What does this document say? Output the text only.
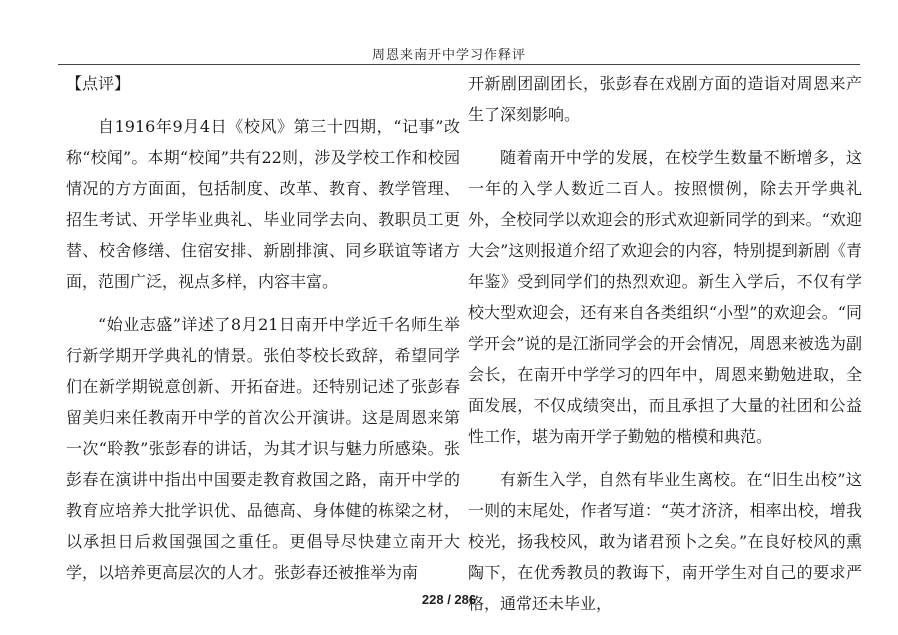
周恩来南开中学习作释评

【点评】

自1916年9月4日《校风》第三十四期，“记事”改称“校闻”。本期“校闻”共有22则，涉及学校工作和校园情况的方方面面，包括制度、改革、教育、教学管理、招生考试、开学毕业典礼、毕业同学去向、教职员工更替、校舍修缮、住宿安排、新剧排演、同乡联谊等诸方面，范围广泛，视点多样，内容丰富。

“始业志盛”详述了8月21日南开中学近千名师生举行新学期开学典礼的情景。张伯苓校长致辞，希望同学们在新学期锐意创新、开拓奋进。还特别记述了张彭春留美归来任教南开中学的首次公开演讲。这是周恩来第一次“聆教”张彭春的讲话，为其才识与魅力所感染。张彭春在演讲中指出中国要走教育救国之路，南开中学的教育应培养大批学识优、品德高、身体健的栋梁之材，以承担日后救国强国之重任。更倡导尽快建立南开大学，以培养更高层次的人才。张彭春还被推举为南

开新剧团副团长，张彭春在戏剧方面的造诣对周恩来产生了深刻影响。

随着南开中学的发展，在校学生数量不断增多，这一年的入学人数近二百人。按照惯例，除去开学典礼外，全校同学以欢迎会的形式欢迎新同学的到来。“欢迎大会”这则报道介绍了欢迎会的内容，特别提到新剧《青年鉴》受到同学们的热烈欢迎。新生入学后，不仅有学校大型欢迎会，还有来自各类组织“小型”的欢迎会。“同学开会”说的是江浙同学会的开会情况，周恩来被选为副会长，在南开中学学习的四年中，周恩来勤勉进取，全面发展，不仅成绩突出，而且承担了大量的社团和公益性工作，堪为南开学子勤勉的楷模和典范。

有新生入学，自然有毕业生离校。在“旧生出校”这一则的末尾处，作者写道：“英才济济，相率出校，增我校光，扬我校风，敢为诸君预卜之矣。”在良好校风的熏陶下，在优秀教员的教诲下，南开学生对自己的要求严格，通常还未毕业，

228 / 286
